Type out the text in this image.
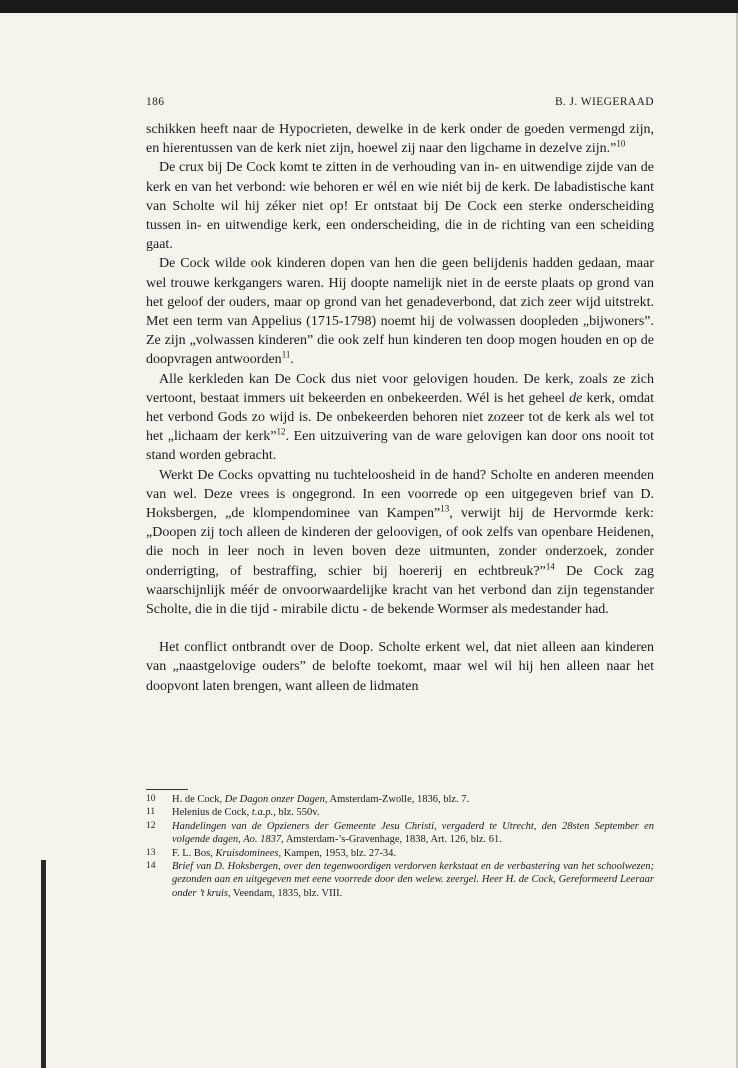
186	B. J. WIEGERAAD

schikken heeft naar de Hypocrieten, dewelke in de kerk onder de goeden vermengd zijn, en hierentussen van de kerk niet zijn, hoewel zij naar den ligchame in dezelve zijn.”$^{10}$

De crux bij De Cock komt te zitten in de verhouding van in- en uitwendige zijde van de kerk en van het verbond: wie behoren er wél en wie niét bij de kerk. De labadistische kant van Scholte wil hij zéker niet op! Er ontstaat bij De Cock een sterke onderscheiding tussen in- en uitwendige kerk, een onderscheiding, die in de richting van een scheiding gaat.

De Cock wilde ook kinderen dopen van hen die geen belijdenis hadden gedaan, maar wel trouwe kerkgangers waren. Hij doopte namelijk niet in de eerste plaats op grond van het geloof der ouders, maar op grond van het genadeverbond, dat zich zeer wijd uitstrekt. Met een term van Appelius (1715-1798) noemt hij de volwassen doopleden „bijwoners”. Ze zijn „volwassen kinderen” die ook zelf hun kinderen ten doop mogen houden en op de doopvragen antwoorden$^{11}$.

Alle kerkleden kan De Cock dus niet voor gelovigen houden. De kerk, zoals ze zich vertoont, bestaat immers uit bekeerden en onbekeerden. Wél is het geheel de kerk, omdat het verbond Gods zo wijd is. De onbekeerden behoren niet zozeer tot de kerk als wel tot het „lichaam der kerk”$^{12}$. Een uitzuivering van de ware gelovigen kan door ons nooit tot stand worden gebracht.

Werkt De Cocks opvatting nu tuchteloosheid in de hand? Scholte en anderen meenden van wel. Deze vrees is ongegrond. In een voorrede op een uitgegeven brief van D. Hoksbergen, „de klompendominee van Kampen”$^{13}$, verwijt hij de Hervormde kerk: „Doopen zij toch alleen de kinderen der geloovigen, of ook zelfs van openbare Heidenen, die noch in leer noch in leven boven deze uitmunten, zonder onderzoek, zonder onderrigting, of bestraffing, schier bij hoererij en echtbreuk?”$^{14}$ De Cock zag waarschijnlijk méér de onvoorwaardelijke kracht van het verbond dan zijn tegenstander Scholte, die in die tijd - mirabile dictu - de bekende Wormser als medestander had.

Het conflict ontbrandt over de Doop. Scholte erkent wel, dat niet alleen aan kinderen van „naastgelovige ouders” de belofte toekomt, maar wel wil hij hen alleen naar het doopvont laten brengen, want alleen de lidmaten

10	H. de Cock, De Dagon onzer Dagen, Amsterdam-Zwolle, 1836, blz. 7.
11	Helenius de Cock, t.a.p., blz. 550v.
12	Handelingen van de Opzieners der Gemeente Jesu Christi, vergaderd te Utrecht, den 28sten September en volgende dagen, Ao. 1837, Amsterdam-’s-Gravenhage, 1838, Art. 126, blz. 61.
13	F. L. Bos, Kruisdominees, Kampen, 1953, blz. 27-34.
14	Brief van D. Hoksbergen, over den tegenwoordigen verdorven kerkstaat en de verbastering van het schoolwezen; gezonden aan en uitgegeven met eene voorrede door den welew. zeergel. Heer H. de Cock, Gereformeerd Leeraar onder ’t kruis, Veendam, 1835, blz. VIII.
